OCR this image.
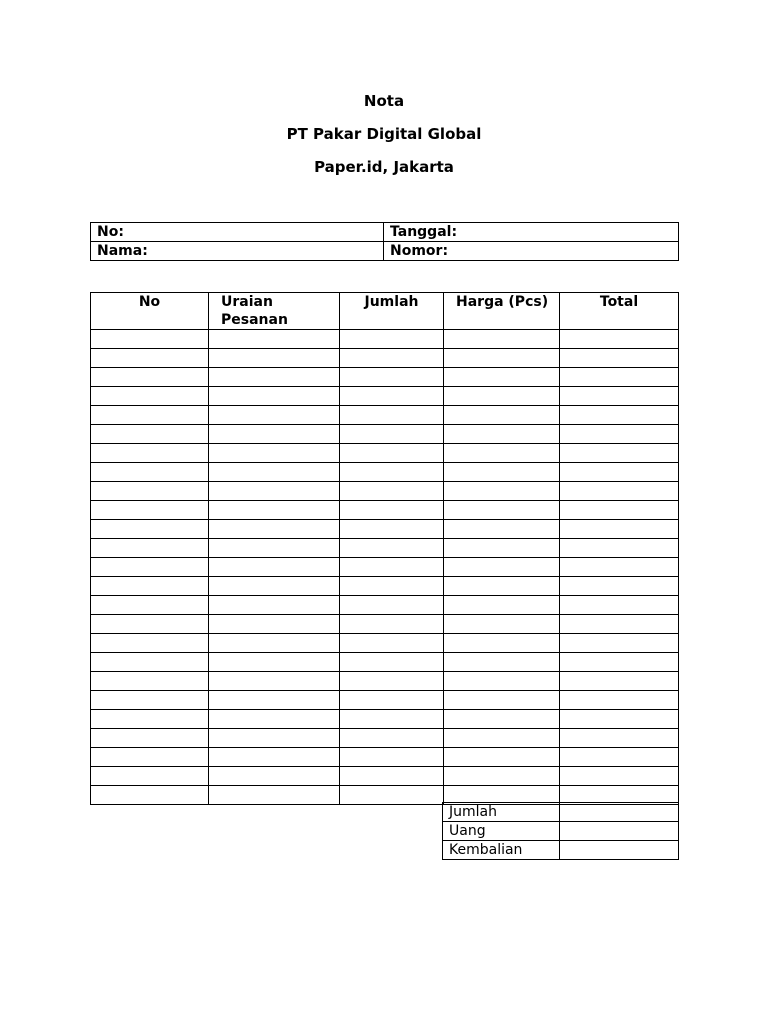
Nota
PT Pakar Digital Global
Paper.id, Jakarta
No:	Tanggal:
Nama:	Nomor:
No	Uraian Pesanan	Jumlah	Harga (Pcs)	Total

Jumlah	
Uang	
Kembalian	
